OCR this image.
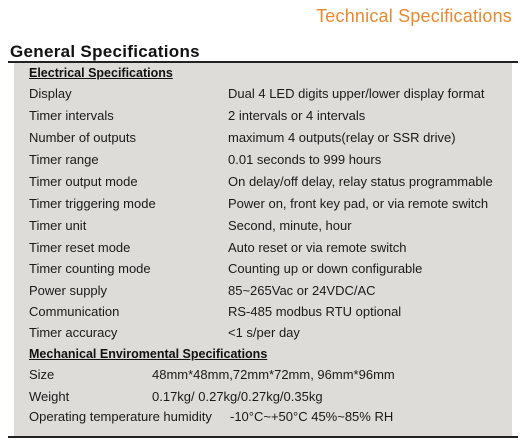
Technical Specifications
General Specifications
Electrical Specifications
Display	Dual 4 LED digits upper/lower display format
Timer intervals	2 intervals or 4 intervals
Number of outputs	maximum 4 outputs(relay or SSR drive)
Timer range	0.01 seconds to 999 hours
Timer output mode	On delay/off delay, relay status programmable
Timer triggering mode	Power on, front key pad, or via remote switch
Timer unit	Second, minute, hour
Timer reset mode	Auto reset or via remote switch
Timer counting mode	Counting up or down configurable
Power supply	85~265Vac or 24VDC/AC
Communication	RS-485 modbus RTU optional
Timer accuracy	<1 s/per day
Mechanical Enviromental Specifications
Size	48mm*48mm,72mm*72mm, 96mm*96mm
Weight	0.17kg/ 0.27kg/0.27kg/0.35kg
Operating temperature humidity -10°C~+50°C 45%~85% RH
